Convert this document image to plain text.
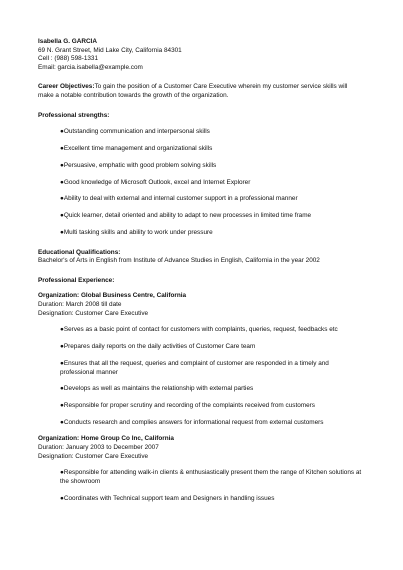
Isabella G. GARCIA
69 N. Grant Street, Mid Lake City, California 84301
Cell : (988) 598-1331
Email: garcia.isabella@example.com
Career Objectives:To gain the position of a Customer Care Executive wherein my customer service skills will make a notable contribution towards the growth of the organization.
Professional strengths:
●Outstanding communication and interpersonal skills
●Excellent time management and organizational skills
●Persuasive, emphatic with good problem solving skills
●Good knowledge of Microsoft Outlook, excel and Internet Explorer
●Ability to deal with external and internal customer support in a professional manner
●Quick learner, detail oriented and ability to adapt to new processes in limited time frame
●Multi tasking skills and ability to work under pressure
Educational Qualifications:
Bachelor's of Arts in English from Institute of Advance Studies in English, California in the year 2002
Professional Experience:
Organization: Global Business Centre, California
Duration: March 2008 till date
Designation: Customer Care Executive
●Serves as a basic point of contact for customers with complaints, queries, request, feedbacks etc
●Prepares daily reports on the daily activities of Customer Care team
●Ensures that all the request, queries and complaint of customer are responded in a timely and professional manner
●Develops as well as maintains the relationship with external parties
●Responsible for proper scrutiny and recording of the complaints received from customers
●Conducts research and complies answers for informational request from external customers
Organization: Home Group Co Inc, California
Duration: January 2003 to December 2007
Designation: Customer Care Executive
●Responsible for attending walk-in clients & enthusiastically present them the range of Kitchen solutions at the showroom
●Coordinates with Technical support team and Designers in handling issues
